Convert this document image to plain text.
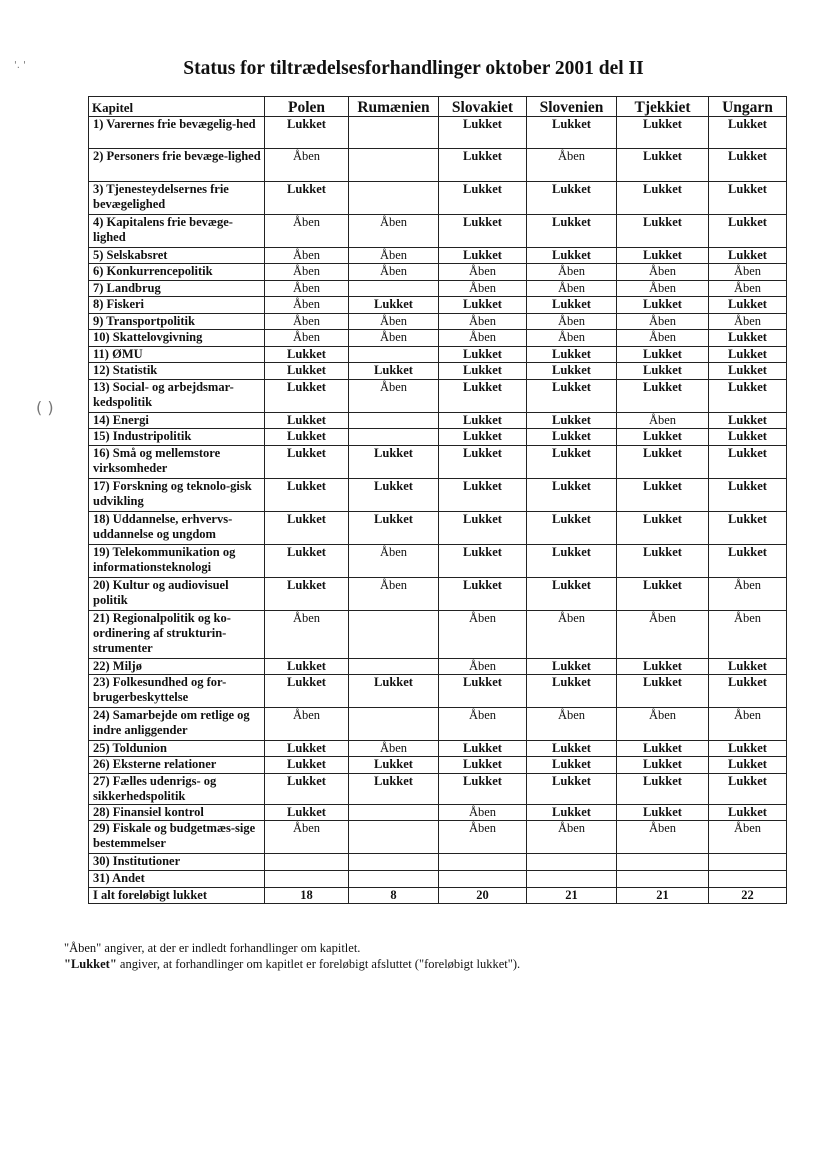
( )
'. '	Status for tiltrædelsesforhandlinger oktober 2001 del II
Kapitel	Polen	Rumænien	Slovakiet	Slovenien	Tjekkiet	Ungarn
1) Varernes frie bevægelig-hed	Lukket		Lukket	Lukket	Lukket	Lukket
2) Personers frie bevæge-lighed	Åben		Lukket	Åben	Lukket	Lukket
3) Tjenesteydelsernes frie bevægelighed	Lukket		Lukket	Lukket	Lukket	Lukket
4) Kapitalens frie bevæge-lighed	Åben	Åben	Lukket	Lukket	Lukket	Lukket
5) Selskabsret	Åben	Åben	Lukket	Lukket	Lukket	Lukket
6) Konkurrencepolitik	Åben	Åben	Åben	Åben	Åben	Åben
7) Landbrug	Åben		Åben	Åben	Åben	Åben
8) Fiskeri	Åben	Lukket	Lukket	Lukket	Lukket	Lukket
9) Transportpolitik	Åben	Åben	Åben	Åben	Åben	Åben
10) Skattelovgivning	Åben	Åben	Åben	Åben	Åben	Lukket
11) ØMU	Lukket		Lukket	Lukket	Lukket	Lukket
12) Statistik	Lukket	Lukket	Lukket	Lukket	Lukket	Lukket
13) Social- og arbejdsmar-kedspolitik	Lukket	Åben	Lukket	Lukket	Lukket	Lukket
14) Energi	Lukket		Lukket	Lukket	Åben	Lukket
15) Industripolitik	Lukket		Lukket	Lukket	Lukket	Lukket
16) Små og mellemstore virksomheder	Lukket	Lukket	Lukket	Lukket	Lukket	Lukket
17) Forskning og teknolo-gisk udvikling	Lukket	Lukket	Lukket	Lukket	Lukket	Lukket
18) Uddannelse, erhvervs-uddannelse og ungdom	Lukket	Lukket	Lukket	Lukket	Lukket	Lukket
19) Telekommunikation og informationsteknologi	Lukket	Åben	Lukket	Lukket	Lukket	Lukket
20) Kultur og audiovisuel politik	Lukket	Åben	Lukket	Lukket	Lukket	Åben
21) Regionalpolitik og ko-ordinering af strukturin-strumenter	Åben		Åben	Åben	Åben	Åben
22) Miljø	Lukket		Åben	Lukket	Lukket	Lukket
23) Folkesundhed og for-brugerbeskyttelse	Lukket	Lukket	Lukket	Lukket	Lukket	Lukket
24) Samarbejde om retlige og indre anliggender	Åben		Åben	Åben	Åben	Åben
25) Toldunion	Lukket	Åben	Lukket	Lukket	Lukket	Lukket
26) Eksterne relationer	Lukket	Lukket	Lukket	Lukket	Lukket	Lukket
27) Fælles udenrigs- og sikkerhedspolitik	Lukket	Lukket	Lukket	Lukket	Lukket	Lukket
28) Finansiel kontrol	Lukket		Åben	Lukket	Lukket	Lukket
29) Fiskale og budgetmæs-sige bestemmelser	Åben		Åben	Åben	Åben	Åben
30) Institutioner						
31) Andet						
I alt foreløbigt lukket	18	8	20	21	21	22
"Åben" angiver, at der er indledt forhandlinger om kapitlet.
"Lukket" angiver, at forhandlinger om kapitlet er foreløbigt afsluttet ("foreløbigt lukket").
